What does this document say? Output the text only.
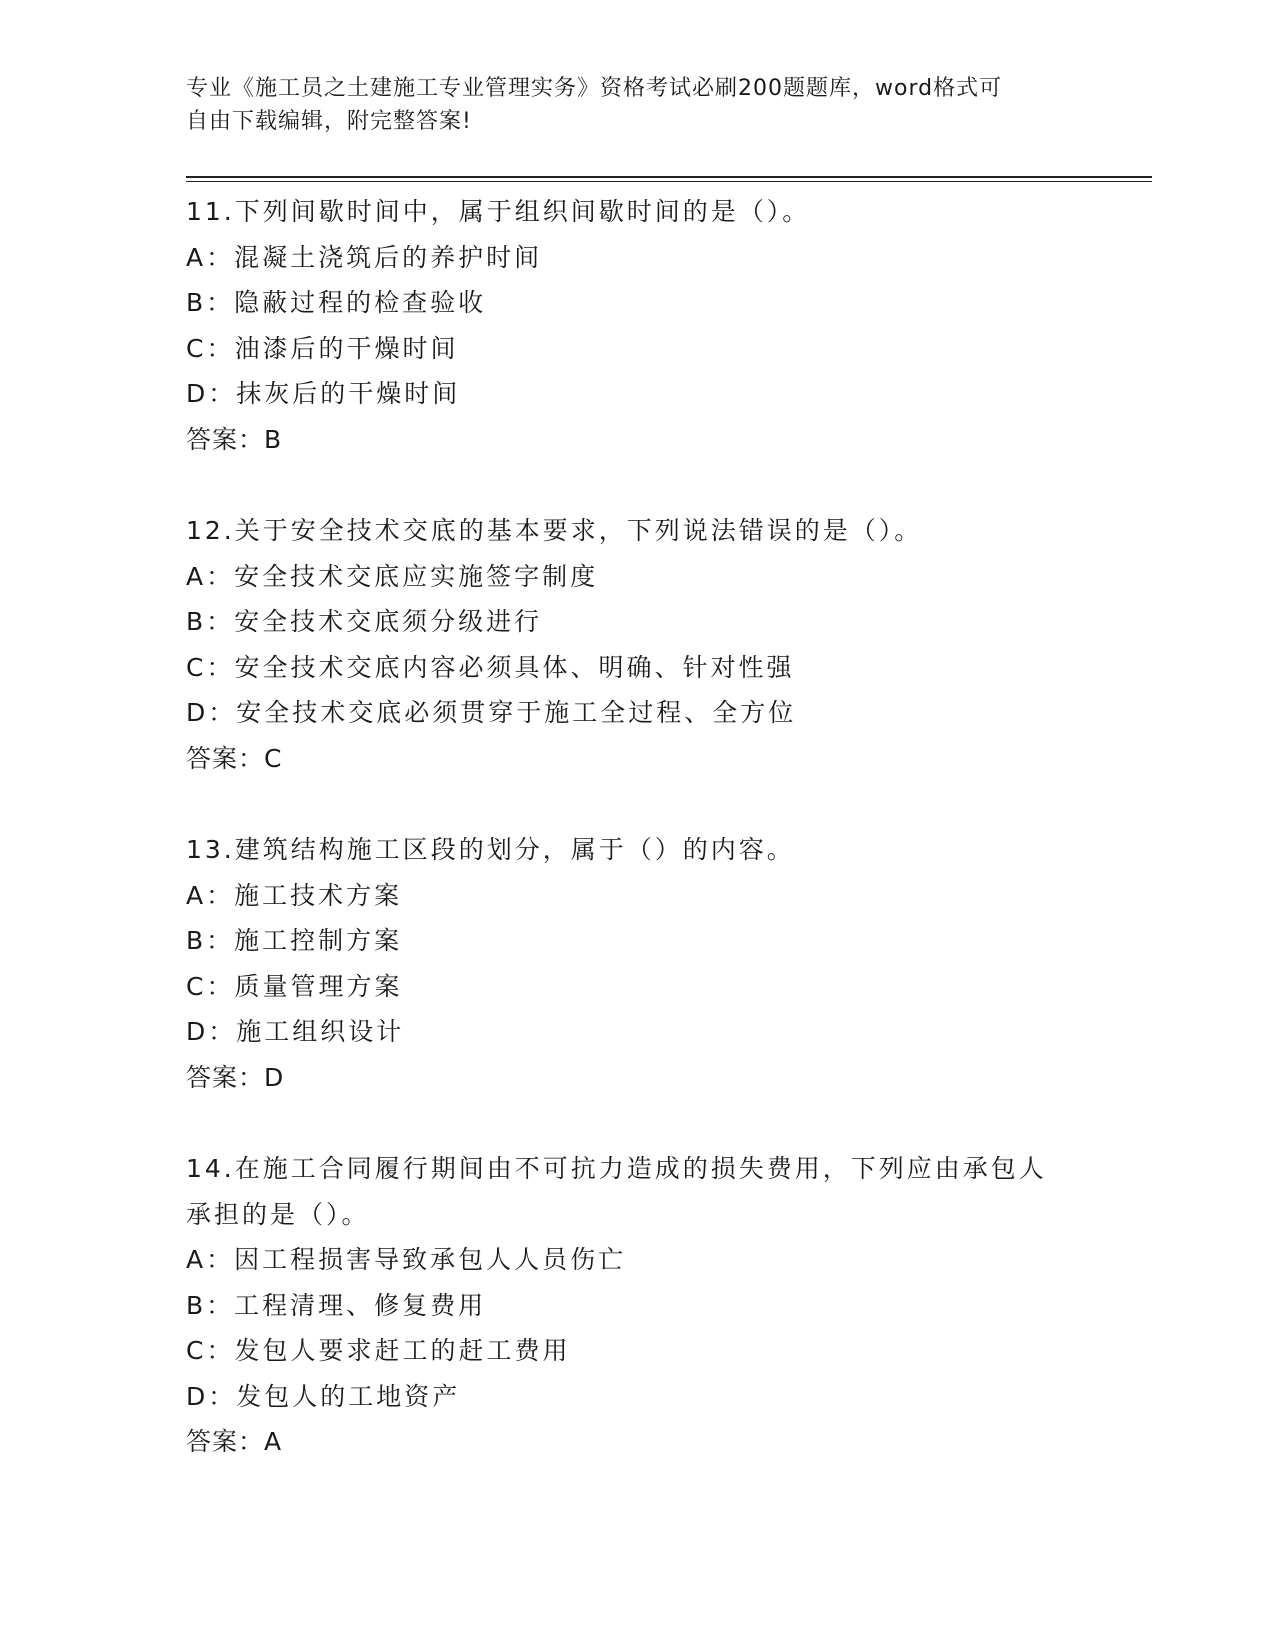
专业《施工员之土建施工专业管理实务》资格考试必刷200题题库，word格式可
自由下载编辑，附完整答案!
11.下列间歇时间中，属于组织间歇时间的是（）。
A：混凝土浇筑后的养护时间
B：隐蔽过程的检查验收
C：油漆后的干燥时间
D：抹灰后的干燥时间
答案：B
12.关于安全技术交底的基本要求，下列说法错误的是（）。
A：安全技术交底应实施签字制度
B：安全技术交底须分级进行
C：安全技术交底内容必须具体、明确、针对性强
D：安全技术交底必须贯穿于施工全过程、全方位
答案：C
13.建筑结构施工区段的划分，属于（）的内容。
A：施工技术方案
B：施工控制方案
C：质量管理方案
D：施工组织设计
答案：D
14.在施工合同履行期间由不可抗力造成的损失费用，下列应由承包人
承担的是（）。
A：因工程损害导致承包人人员伤亡
B：工程清理、修复费用
C：发包人要求赶工的赶工费用
D：发包人的工地资产
答案：A
